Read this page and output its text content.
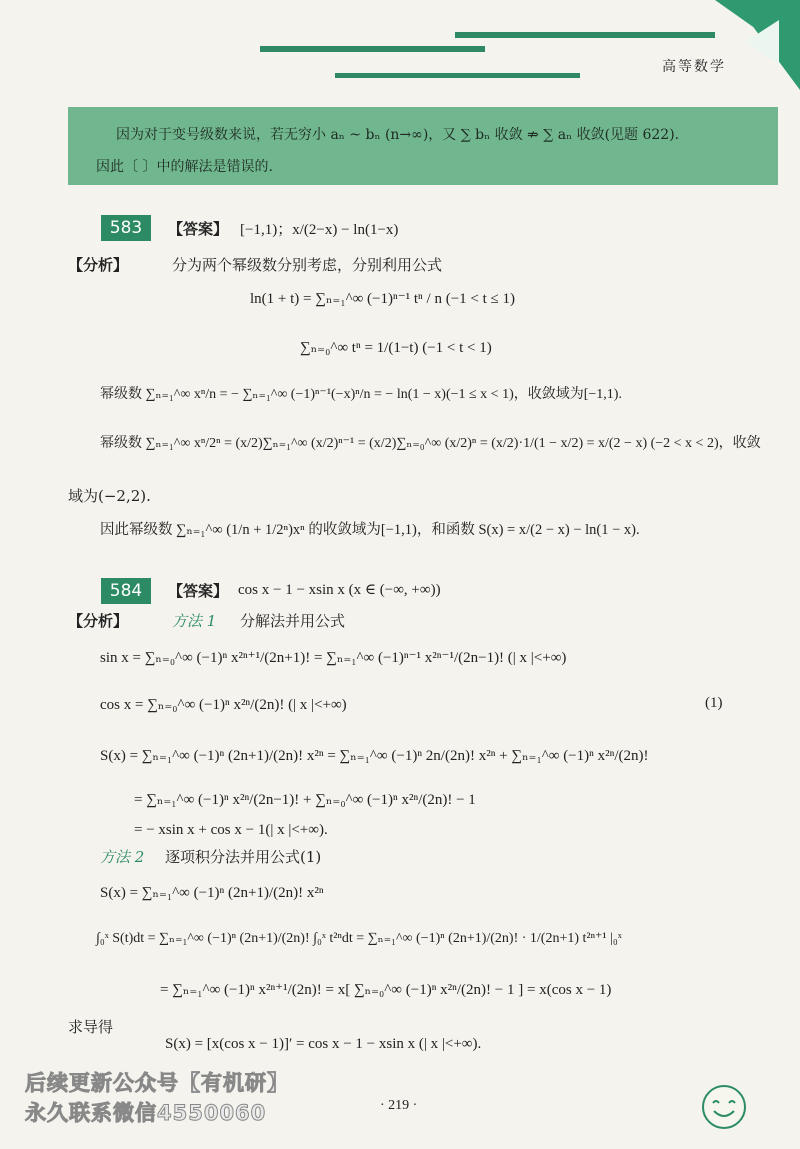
高等数学
因为对于变号级数来说，若无穷小 aₙ ~ bₙ (n→∞)，又 ∑ bₙ 收敛 ⇏ ∑ aₙ 收敛(见题 622).
因此〔 〕中的解法是错误的.
583	【答案】 [−1,1)；x/(2−x) − ln(1−x)
【分析】	分为两个幂级数分别考虑，分别利用公式
ln(1 + t) = ∑ₙ₌₁^∞ (−1)ⁿ⁻¹ tⁿ / n (−1 < t ≤ 1)
∑ₙ₌₀^∞ tⁿ = 1/(1−t) (−1 < t < 1)
幂级数 ∑ₙ₌₁^∞ xⁿ/n = − ∑ₙ₌₁^∞ (−1)ⁿ⁻¹(−x)ⁿ/n = − ln(1 − x)(−1 ≤ x < 1)，收敛域为[−1,1).
幂级数 ∑ₙ₌₁^∞ xⁿ/2ⁿ = (x/2)∑ₙ₌₁^∞ (x/2)ⁿ⁻¹ = (x/2)∑ₙ₌₀^∞ (x/2)ⁿ = (x/2)·1/(1 − x/2) = x/(2 − x) (−2 < x < 2)，收敛
域为(−2,2).
因此幂级数 ∑ₙ₌₁^∞ (1/n + 1/2ⁿ)xⁿ 的收敛域为[−1,1)，和函数 S(x) = x/(2 − x) − ln(1 − x).
584	【答案】 cos x − 1 − xsin x (x ∈ (−∞, +∞))
【分析】	方法 1 分解法并用公式
sin x = ∑ₙ₌₀^∞ (−1)ⁿ x²ⁿ⁺¹/(2n+1)! = ∑ₙ₌₁^∞ (−1)ⁿ⁻¹ x²ⁿ⁻¹/(2n−1)! (| x |<+∞)
cos x = ∑ₙ₌₀^∞ (−1)ⁿ x²ⁿ/(2n)! (| x |<+∞)	(1)
S(x) = ∑ₙ₌₁^∞ (−1)ⁿ (2n+1)/(2n)! x²ⁿ = ∑ₙ₌₁^∞ (−1)ⁿ 2n/(2n)! x²ⁿ + ∑ₙ₌₁^∞ (−1)ⁿ x²ⁿ/(2n)!
= ∑ₙ₌₁^∞ (−1)ⁿ x²ⁿ/(2n−1)! + ∑ₙ₌₀^∞ (−1)ⁿ x²ⁿ/(2n)! − 1
= − xsin x + cos x − 1(| x |<+∞).
方法 2 逐项积分法并用公式(1)
S(x) = ∑ₙ₌₁^∞ (−1)ⁿ (2n+1)/(2n)! x²ⁿ
∫₀ˣ S(t)dt = ∑ₙ₌₁^∞ (−1)ⁿ (2n+1)/(2n)! ∫₀ˣ t²ⁿdt = ∑ₙ₌₁^∞ (−1)ⁿ (2n+1)/(2n)! · 1/(2n+1) t²ⁿ⁺¹ |₀ˣ
= ∑ₙ₌₁^∞ (−1)ⁿ x²ⁿ⁺¹/(2n)! = x[ ∑ₙ₌₀^∞ (−1)ⁿ x²ⁿ/(2n)! − 1 ] = x(cos x − 1)
求导得
S(x) = [x(cos x − 1)]′ = cos x − 1 − xsin x (| x |<+∞).
· 219 ·
后续更新公众号【有机研】
永久联系微信4550060
